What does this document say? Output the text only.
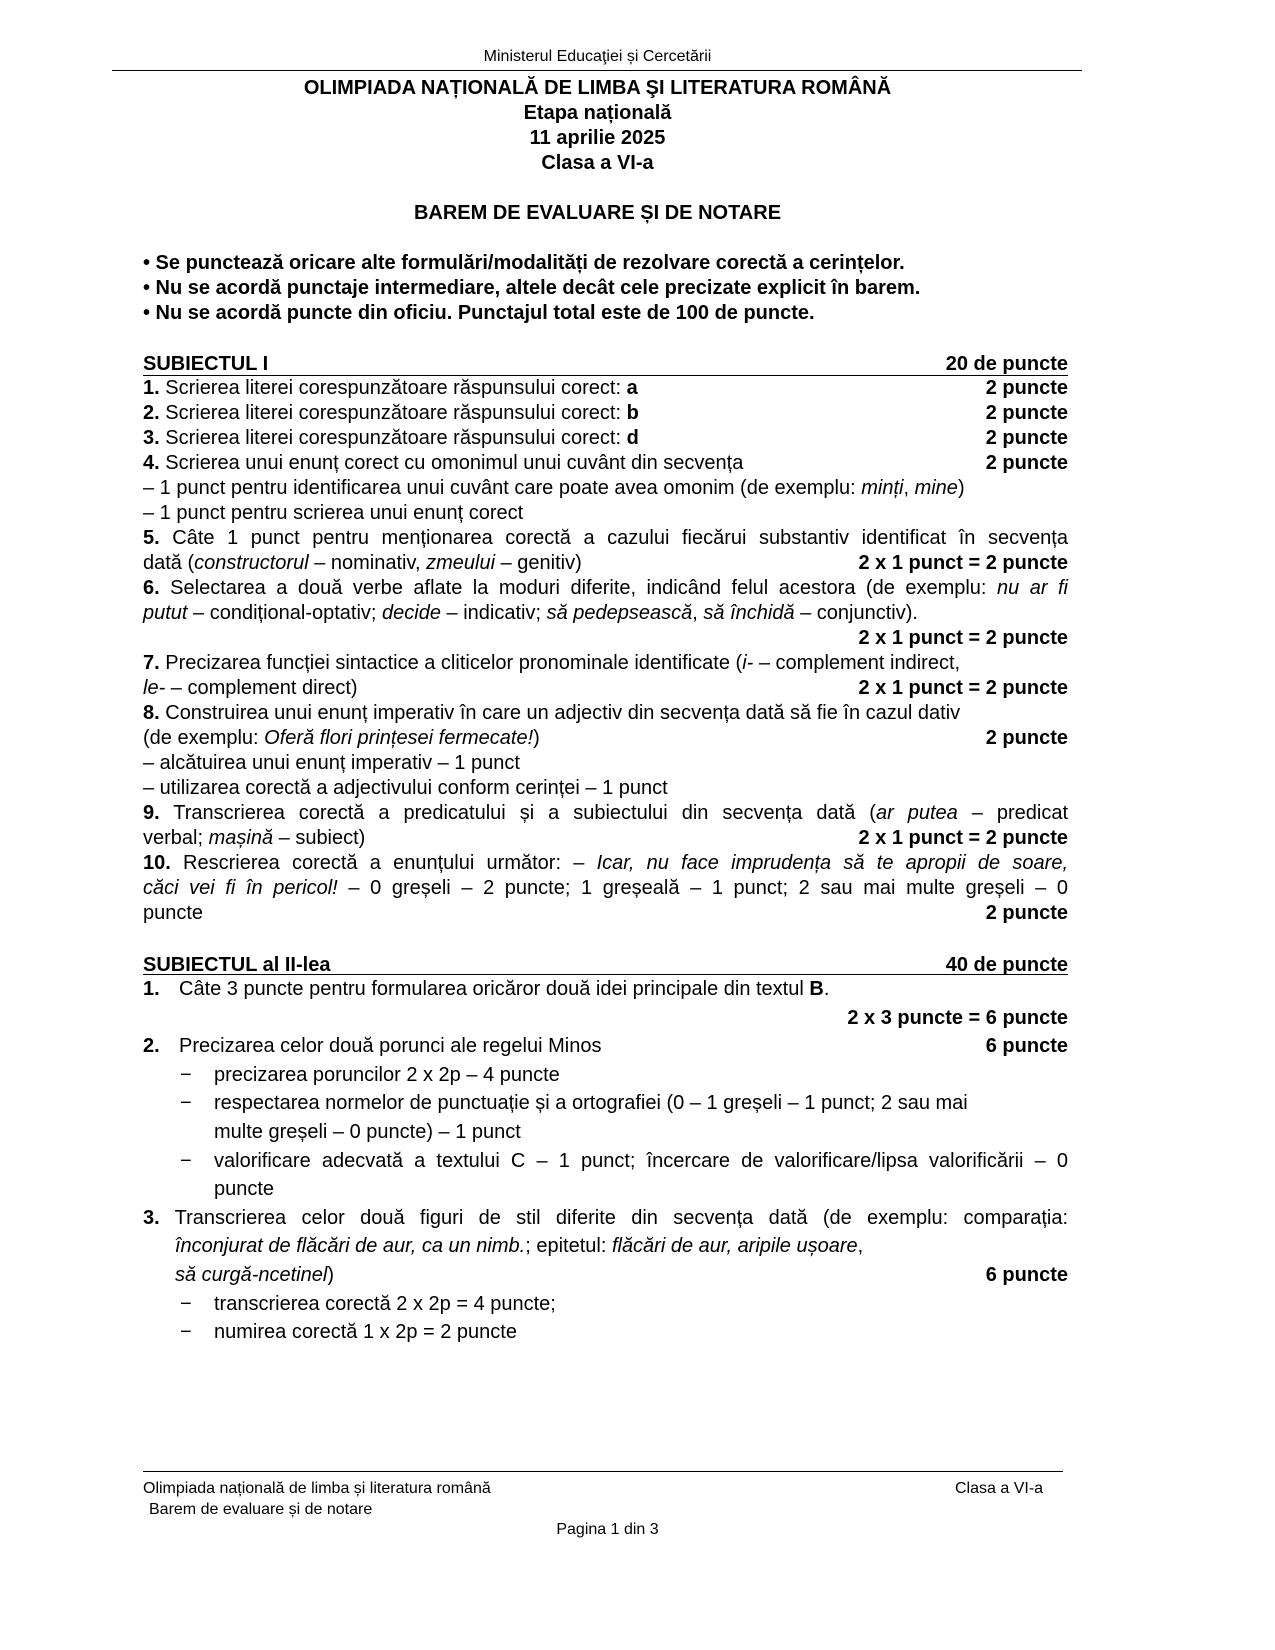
Ministerul Educaţiei și Cercetării
OLIMPIADA NAȚIONALĂ DE LIMBA ŞI LITERATURA ROMÂNĂ
Etapa națională
11 aprilie 2025
Clasa a VI-a
BAREM DE EVALUARE ȘI DE NOTARE
• Se punctează oricare alte formulări/modalități de rezolvare corectă a cerințelor.
• Nu se acordă punctaje intermediare, altele decât cele precizate explicit în barem.
• Nu se acordă puncte din oficiu. Punctajul total este de 100 de puncte.
SUBIECTUL I	20 de puncte
1. Scrierea literei corespunzătoare răspunsului corect: a	2 puncte
2. Scrierea literei corespunzătoare răspunsului corect: b	2 puncte
3. Scrierea literei corespunzătoare răspunsului corect: d	2 puncte
4. Scrierea unui enunț corect cu omonimul unui cuvânt din secvența	2 puncte
– 1 punct pentru identificarea unui cuvânt care poate avea omonim (de exemplu: minți, mine)
– 1 punct pentru scrierea unui enunț corect
5. Câte 1 punct pentru menționarea corectă a cazului fiecărui substantiv identificat în secvența
dată (constructorul – nominativ, zmeului – genitiv)	2 x 1 punct = 2 puncte
6. Selectarea a două verbe aflate la moduri diferite, indicând felul acestora (de exemplu: nu ar fi
putut – condițional-optativ; decide – indicativ; să pedepsească, să închidă – conjunctiv).
2 x 1 punct = 2 puncte
7. Precizarea funcției sintactice a cliticelor pronominale identificate (i- – complement indirect,
le- – complement direct)	2 x 1 punct = 2 puncte
8. Construirea unui enunț imperativ în care un adjectiv din secvența dată să fie în cazul dativ
(de exemplu: Oferă flori prințesei fermecate!)	2 puncte
– alcătuirea unui enunț imperativ – 1 punct
– utilizarea corectă a adjectivului conform cerinței – 1 punct
9. Transcrierea corectă a predicatului și a subiectului din secvența dată (ar putea – predicat
verbal; mașină – subiect)	2 x 1 punct = 2 puncte
10. Rescrierea corectă a enunțului următor: – Icar, nu face imprudența să te apropii de soare,
căci vei fi în pericol! – 0 greșeli – 2 puncte; 1 greșeală – 1 punct; 2 sau mai multe greșeli – 0
puncte	2 puncte
SUBIECTUL al II-lea	40 de puncte
1. Câte 3 puncte pentru formularea oricăror două idei principale din textul B.
2 x 3 puncte = 6 puncte
2. Precizarea celor două porunci ale regelui Minos	6 puncte
− precizarea poruncilor 2 x 2p – 4 puncte
− respectarea normelor de punctuație și a ortografiei (0 – 1 greșeli – 1 punct; 2 sau mai
multe greșeli – 0 puncte) – 1 punct
− valorificare adecvată a textului C – 1 punct; încercare de valorificare/lipsa valorificării – 0
puncte
3. Transcrierea celor două figuri de stil diferite din secvența dată (de exemplu: comparația:
înconjurat de flăcări de aur, ca un nimb.; epitetul: flăcări de aur, aripile ușoare,
să curgă-ncetinel)	6 puncte
− transcrierea corectă 2 x 2p = 4 puncte;
− numirea corectă 1 x 2p = 2 puncte
Olimpiada națională de limba și literatura română
Barem de evaluare și de notare
Clasa a VI-a
Pagina 1 din 3
